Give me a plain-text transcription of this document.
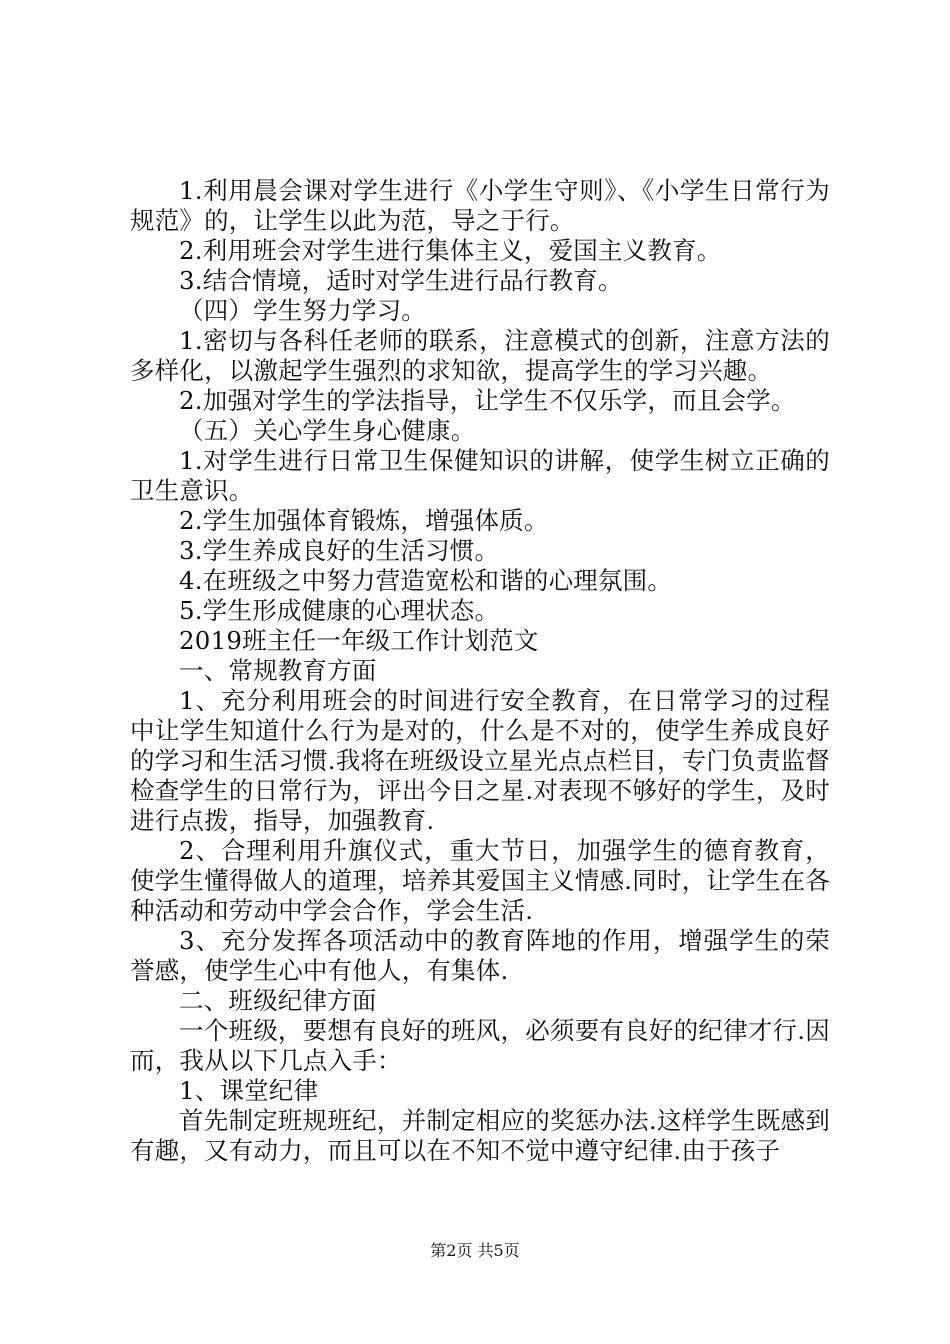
1.利用晨会课对学生进行《小学生守则》、《小学生日常行为规范》的，让学生以此为范，导之于行。

2.利用班会对学生进行集体主义，爱国主义教育。

3.结合情境，适时对学生进行品行教育。

（四）学生努力学习。

1.密切与各科任老师的联系，注意模式的创新，注意方法的多样化，以激起学生强烈的求知欲，提高学生的学习兴趣。

2.加强对学生的学法指导，让学生不仅乐学，而且会学。

（五）关心学生身心健康。

1.对学生进行日常卫生保健知识的讲解，使学生树立正确的卫生意识。

2.学生加强体育锻炼，增强体质。

3.学生养成良好的生活习惯。

4.在班级之中努力营造宽松和谐的心理氛围。

5.学生形成健康的心理状态。

2019班主任一年级工作计划范文

一、常规教育方面

1、充分利用班会的时间进行安全教育，在日常学习的过程中让学生知道什么行为是对的，什么是不对的，使学生养成良好的学习和生活习惯.我将在班级设立星光点点栏目，专门负责监督检查学生的日常行为，评出今日之星.对表现不够好的学生，及时进行点拨，指导，加强教育.

2、合理利用升旗仪式，重大节日，加强学生的德育教育，使学生懂得做人的道理，培养其爱国主义情感.同时，让学生在各种活动和劳动中学会合作，学会生活.

3、充分发挥各项活动中的教育阵地的作用，增强学生的荣誉感，使学生心中有他人，有集体.

二、班级纪律方面

一个班级，要想有良好的班风，必须要有良好的纪律才行.因而，我从以下几点入手：

1、课堂纪律

首先制定班规班纪，并制定相应的奖惩办法.这样学生既感到有趣，又有动力，而且可以在不知不觉中遵守纪律.由于孩子

第2页 共5页
